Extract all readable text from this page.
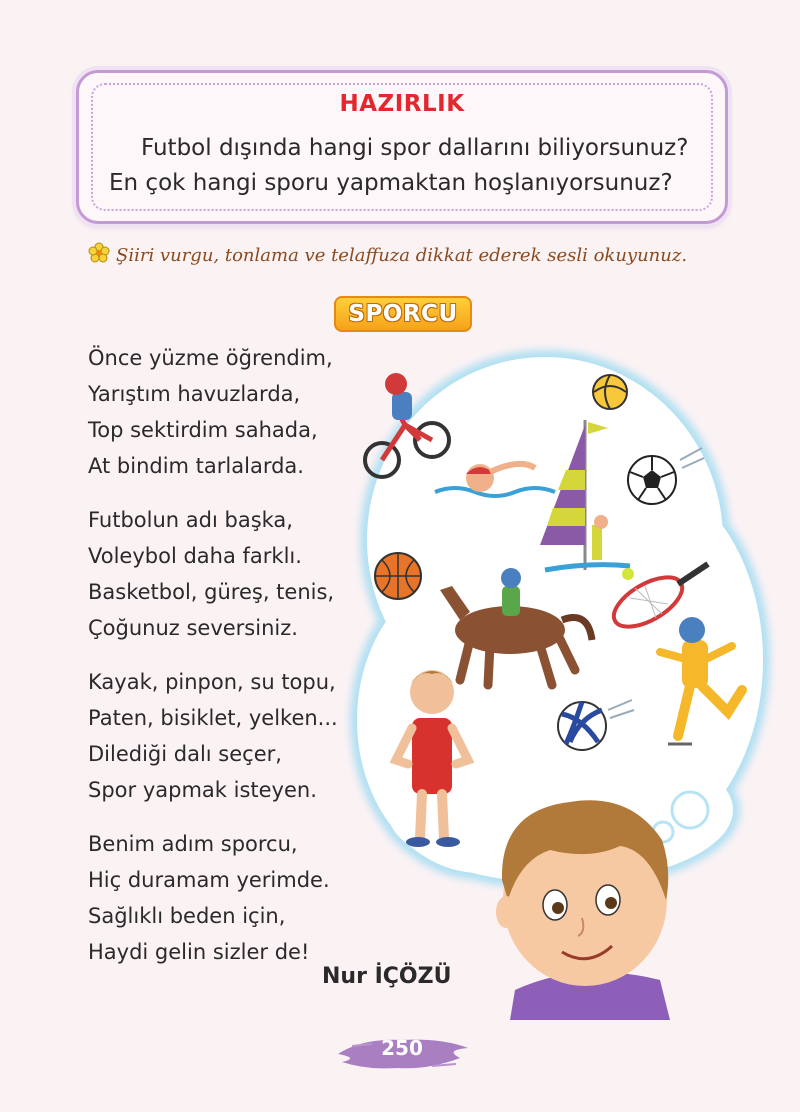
HAZIRLIK
Futbol dışında hangi spor dallarını biliyorsunuz? En çok hangi sporu yapmaktan hoşlanıyorsunuz?
Şiiri vurgu, tonlama ve telaffuza dikkat ederek sesli okuyunuz.
SPORCU
Önce yüzme öğrendim,
Yarıştım havuzlarda,
Top sektirdim sahada,
At bindim tarlalarda.
Futbolun adı başka,
Voleybol daha farklı.
Basketbol, güreş, tenis,
Çoğunuz seversiniz.
Kayak, pinpon, su topu,
Paten, bisiklet, yelken...
Dilediği dalı seçer,
Spor yapmak isteyen.
Benim adım sporcu,
Hiç duramam yerimde.
Sağlıklı beden için,
Haydi gelin sizler de!
Nur İÇÖZÜ
250
